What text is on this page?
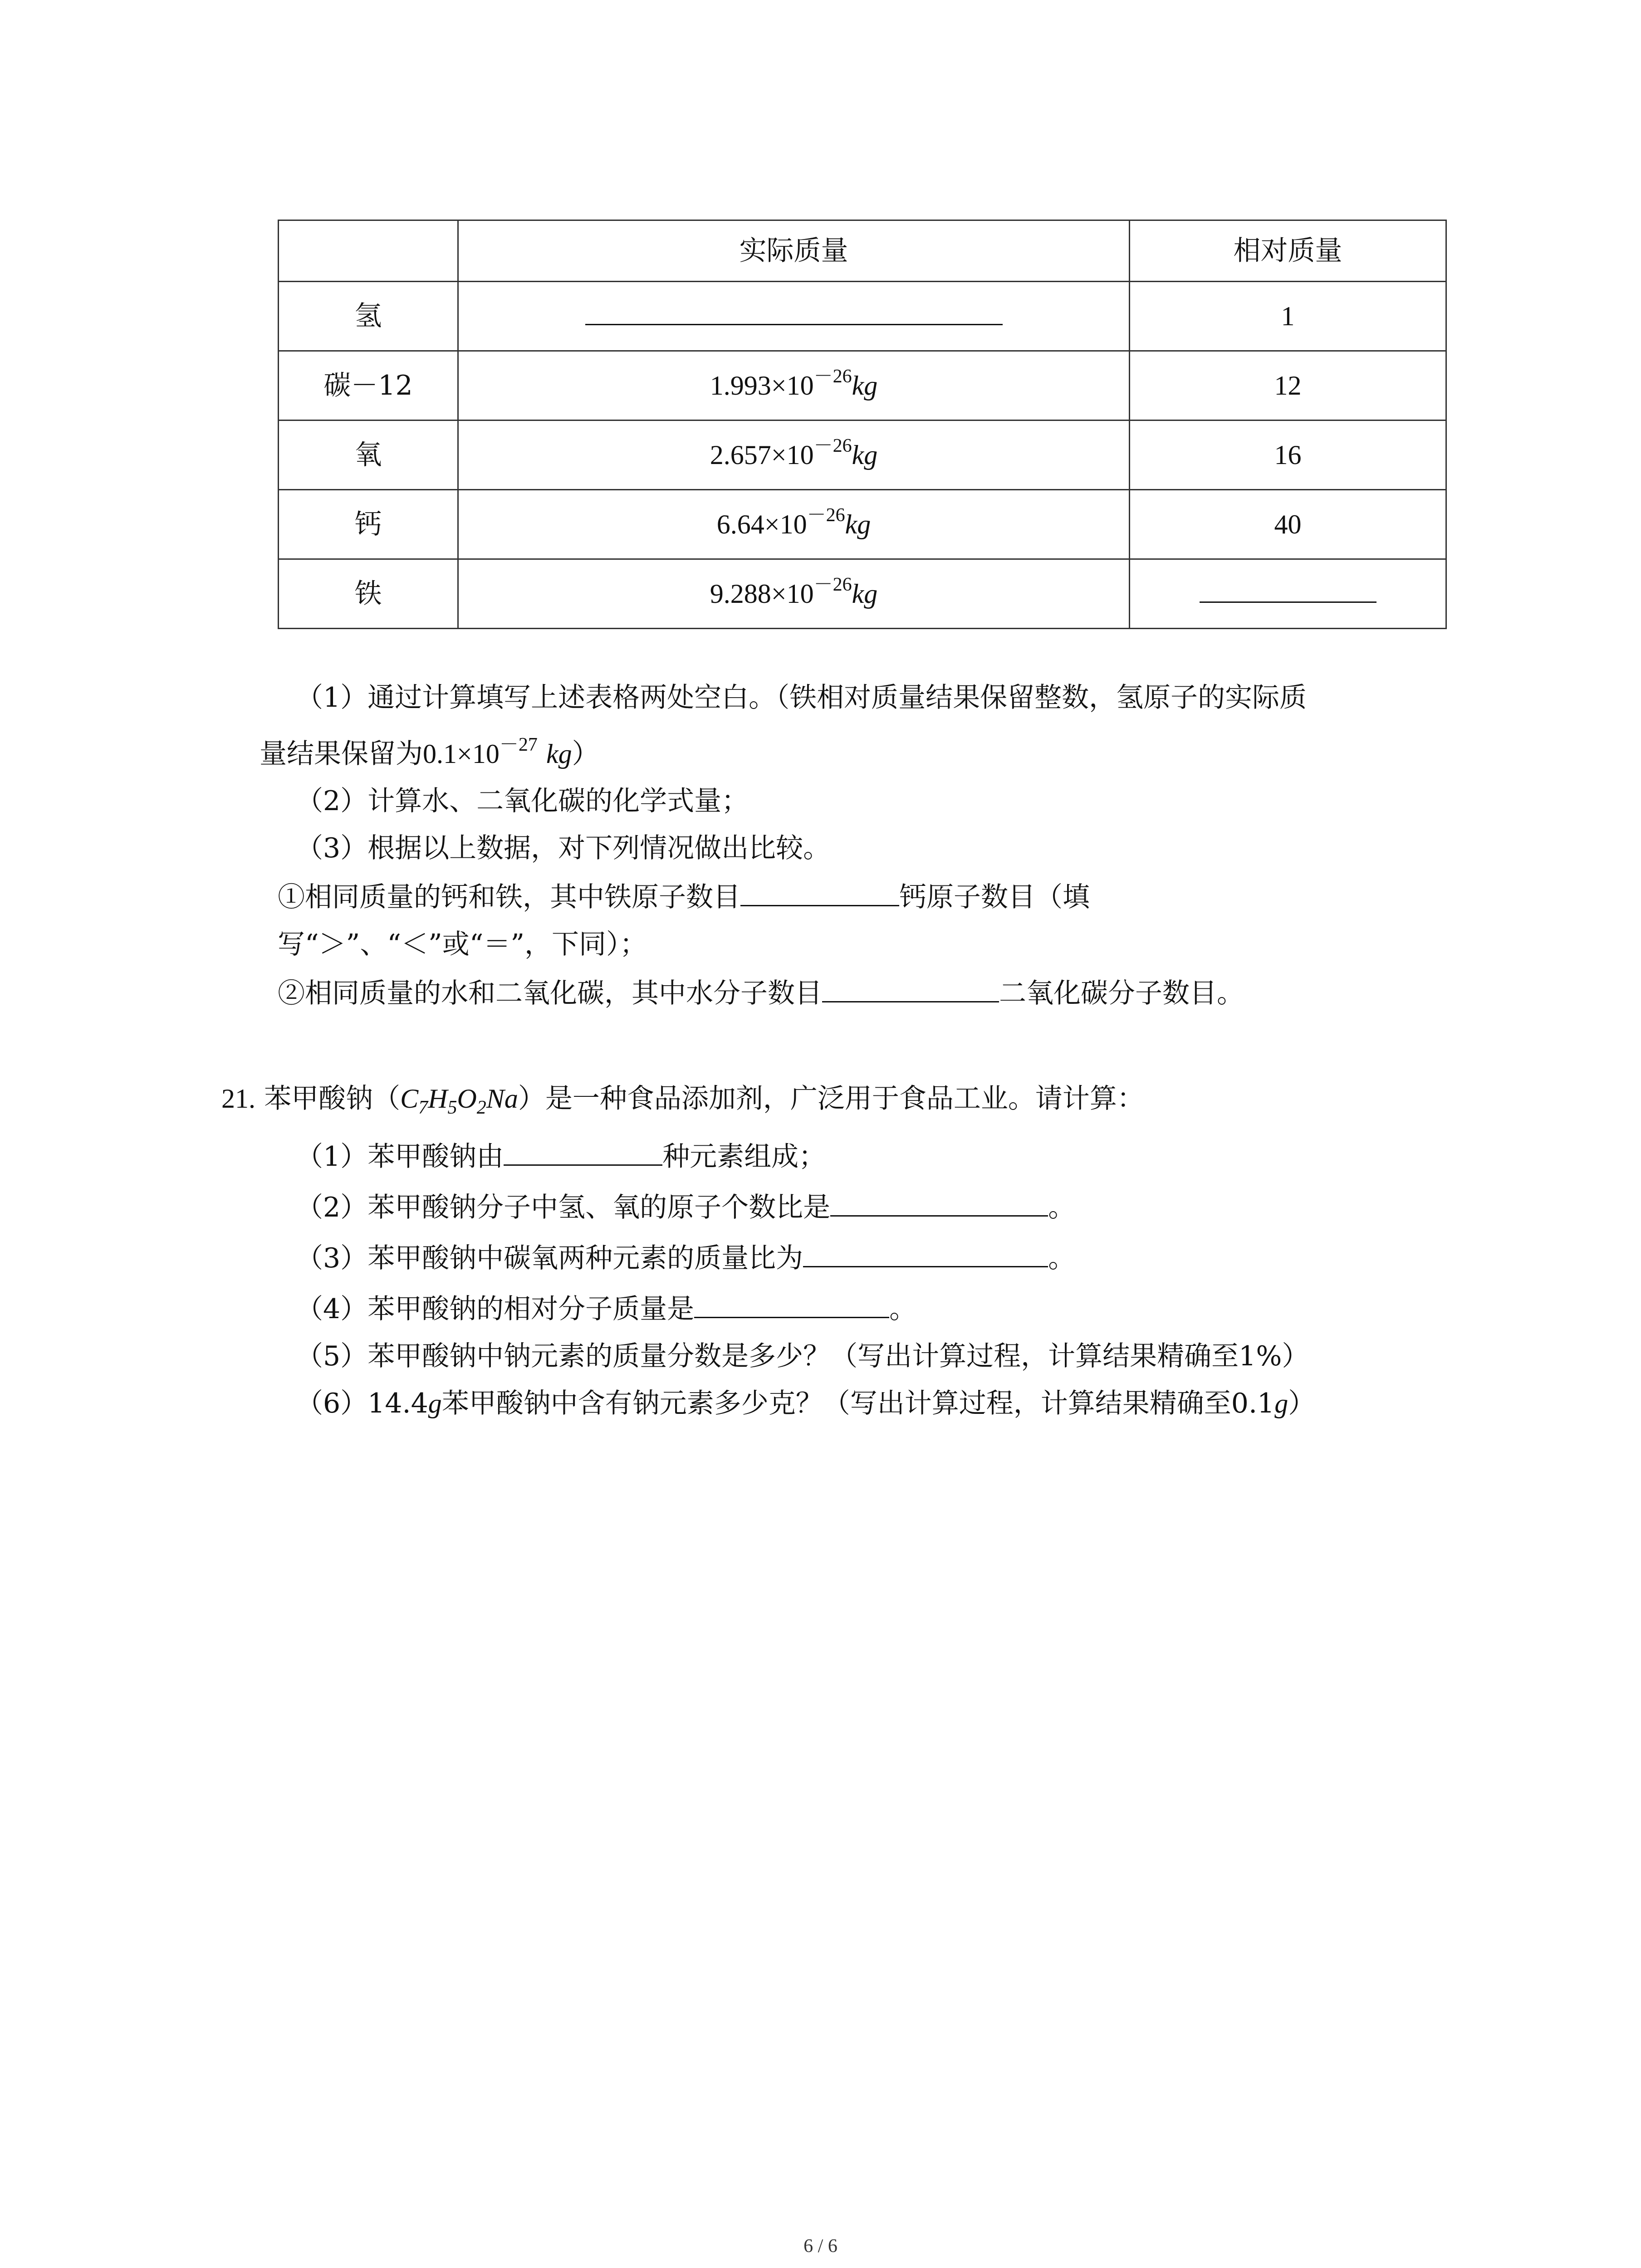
	实际质量	相对质量
氢		1
碳－12	$1.993\times 10^{-26}kg$	12
氧	$2.657\times 10^{-26}kg$	16
钙	$6.64\times 10^{-26}kg$	40
铁	$9.288\times 10^{-26}kg$	
（1）通过计算填写上述表格两处空白。（铁相对质量结果保留整数，氢原子的实际质
量结果保留为$0.1\times 10^{-27}$ kg）
（2）计算水、二氧化碳的化学式量；
（3）根据以上数据，对下列情况做出比较。
①相同质量的钙和铁，其中铁原子数目	钙原子数目（填
写“＞”、“＜”或“＝”，下同）；
②相同质量的水和二氧化碳，其中水分子数目	二氧化碳分子数目。
21. 苯甲酸钠$(C_7H_5O_2Na)$是一种食品添加剂，广泛用于食品工业。请计算：
（1）苯甲酸钠由	种元素组成；
（2）苯甲酸钠分子中氢、氧的原子个数比是	。
（3）苯甲酸钠中碳氧两种元素的质量比为	。
（4）苯甲酸钠的相对分子质量是	。
（5）苯甲酸钠中钠元素的质量分数是多少？（写出计算过程，计算结果精确至1%）
（6）14.4g苯甲酸钠中含有钠元素多少克？（写出计算过程，计算结果精确至0.1g）
6 / 6
